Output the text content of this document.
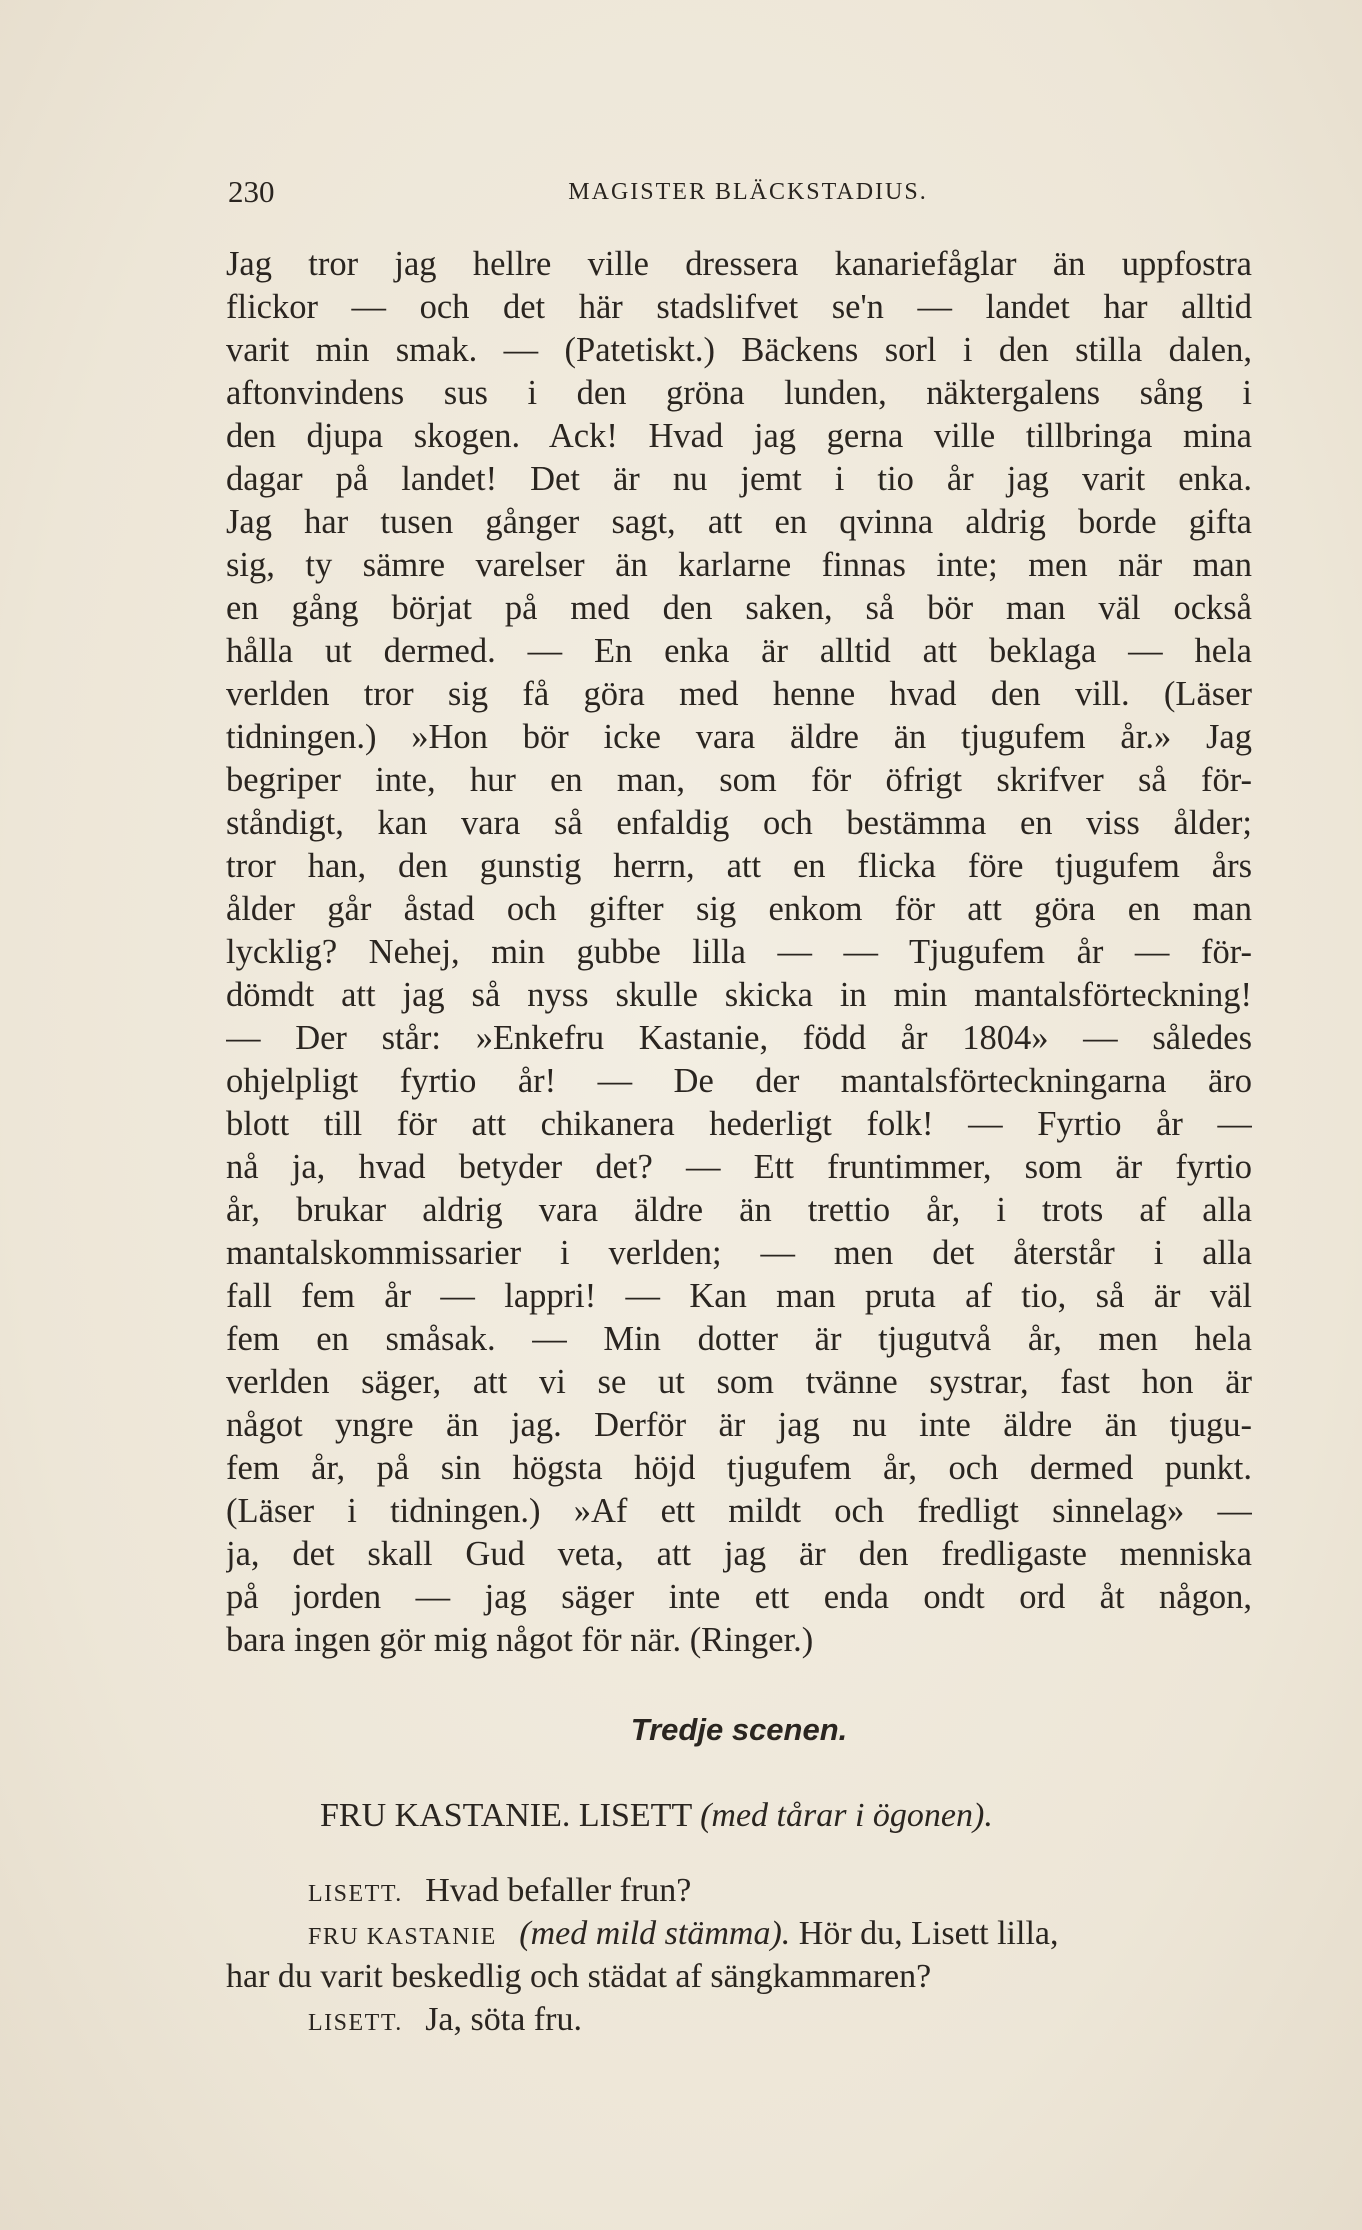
230	MAGISTER BLÄCKSTADIUS.
Jag tror jag hellre ville dressera kanariefåglar än uppfostra
flickor — och det här stadslifvet se'n — landet har alltid
varit min smak. — (Patetiskt.) Bäckens sorl i den stilla dalen,
aftonvindens sus i den gröna lunden, näktergalens sång i
den djupa skogen. Ack! Hvad jag gerna ville tillbringa mina
dagar på landet! Det är nu jemt i tio år jag varit enka.
Jag har tusen gånger sagt, att en qvinna aldrig borde gifta
sig, ty sämre varelser än karlarne finnas inte; men när man
en gång börjat på med den saken, så bör man väl också
hålla ut dermed. — En enka är alltid att beklaga — hela
verlden tror sig få göra med henne hvad den vill. (Läser
tidningen.) »Hon bör icke vara äldre än tjugufem år.» Jag
begriper inte, hur en man, som för öfrigt skrifver så för-
ståndigt, kan vara så enfaldig och bestämma en viss ålder;
tror han, den gunstig herrn, att en flicka före tjugufem års
ålder går åstad och gifter sig enkom för att göra en man
lycklig? Nehej, min gubbe lilla — — Tjugufem år — för-
dömdt att jag så nyss skulle skicka in min mantalsförteckning!
— Der står: »Enkefru Kastanie, född år 1804» — således
ohjelpligt fyrtio år! — De der mantalsförteckningarna äro
blott till för att chikanera hederligt folk! — Fyrtio år —
nå ja, hvad betyder det? — Ett fruntimmer, som är fyrtio
år, brukar aldrig vara äldre än trettio år, i trots af alla
mantalskommissarier i verlden; — men det återstår i alla
fall fem år — lappri! — Kan man pruta af tio, så är väl
fem en småsak. — Min dotter är tjugutvå år, men hela
verlden säger, att vi se ut som tvänne systrar, fast hon är
något yngre än jag. Derför är jag nu inte äldre än tjugu-
fem år, på sin högsta höjd tjugufem år, och dermed punkt.
(Läser i tidningen.) »Af ett mildt och fredligt sinnelag» —
ja, det skall Gud veta, att jag är den fredligaste menniska
på jorden — jag säger inte ett enda ondt ord åt någon,
bara ingen gör mig något för när. (Ringer.)
Tredje scenen.
FRU KASTANIE. LISETT (med tårar i ögonen).
LISETT. Hvad befaller frun?
FRU KASTANIE (med mild stämma). Hör du, Lisett lilla,
har du varit beskedlig och städat af sängkammaren?
LISETT. Ja, söta fru.
